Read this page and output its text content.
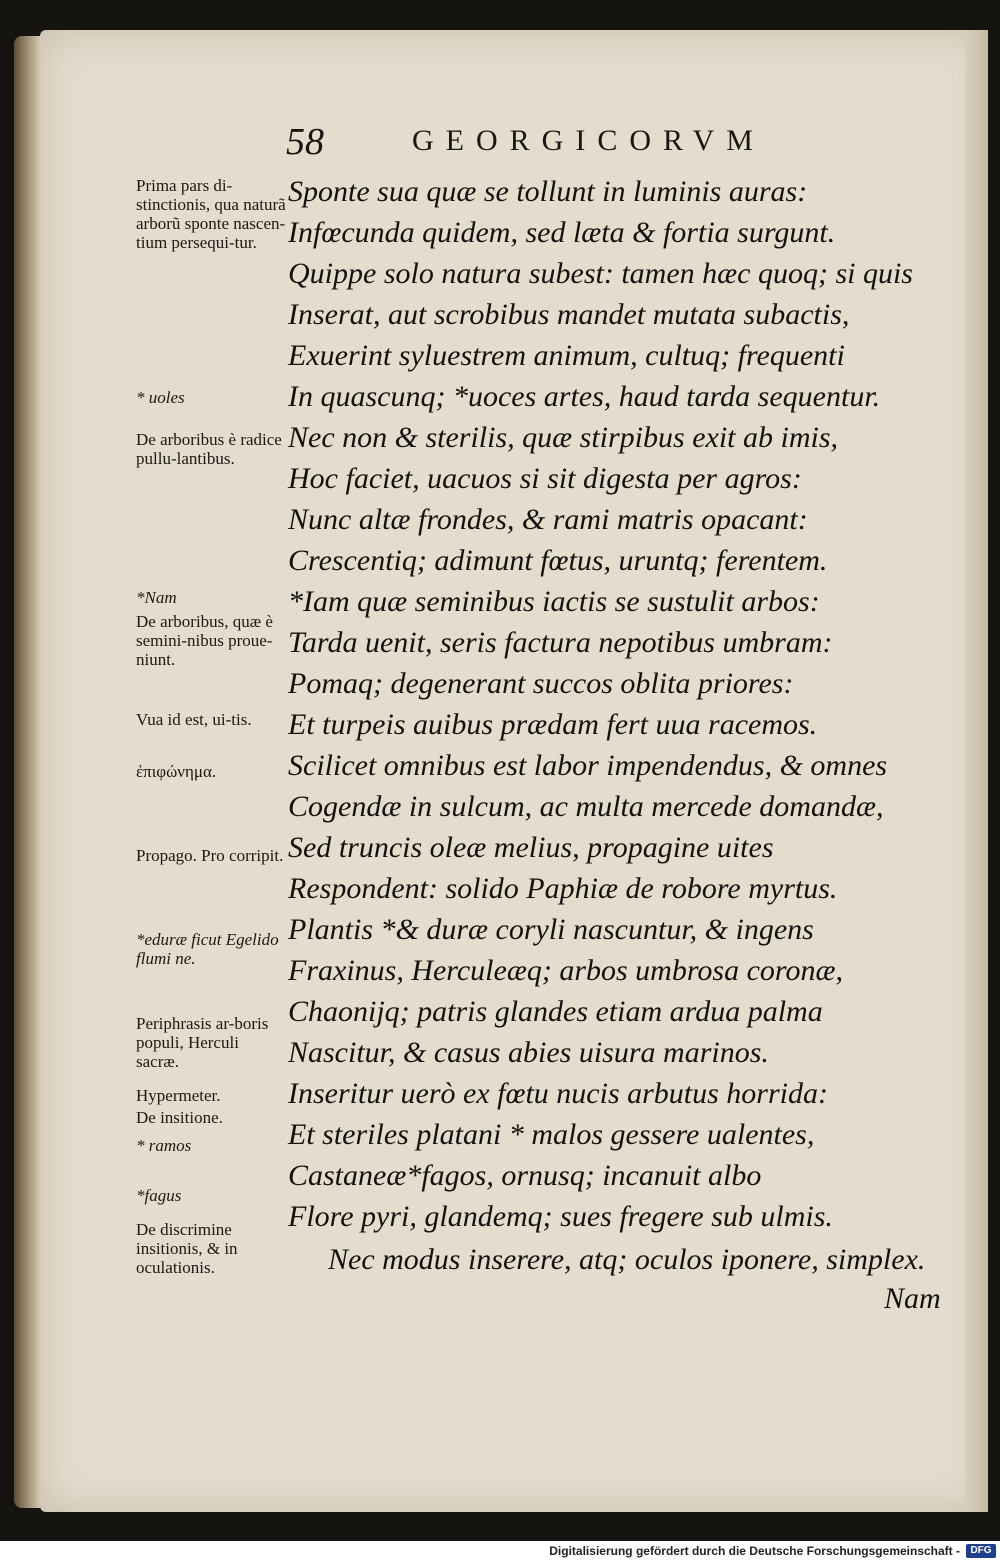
58	GEORGICORVM
Prima pars di-stinctionis, qua naturã arborũ sponte nascen-tium persequi-tur.
* uoles
De arboribus è radice pullu-lantibus.
*Nam
De arboribus, quæ è semini-nibus proue-niunt.
Vua id est, ui-tis.
ἐπιφώνημα.
Propago. Pro corripit.
*eduræ ficut Egelido flumi ne.
Periphrasis ar-boris populi, Herculi sacræ.
Hypermeter.
De insitione.
* ramos
*fagus
De discrimine insitionis, & in oculationis.
Sponte sua quæ se tollunt in luminis auras:
Infœcunda quidem, sed læta & fortia surgunt.
Quippe solo natura subest: tamen hæc quoq; si quis
Inserat, aut scrobibus mandet mutata subactis,
Exuerint syluestrem animum, cultuq; frequenti
In quascunq; *uoces artes, haud tarda sequentur.
Nec non & sterilis, quæ stirpibus exit ab imis,
Hoc faciet, uacuos si sit digesta per agros:
Nunc altæ frondes, & rami matris opacant:
Crescentiq; adimunt fœtus, uruntq; ferentem.
*Iam quæ seminibus iactis se sustulit arbos:
Tarda uenit, seris factura nepotibus umbram:
Pomaq; degenerant succos oblita priores:
Et turpeis auibus prædam fert uua racemos.
Scilicet omnibus est labor impendendus, & omnes
Cogendæ in sulcum, ac multa mercede domandæ,
Sed truncis oleæ melius, propagine uites
Respondent: solido Paphiæ de robore myrtus.
Plantis *& duræ coryli nascuntur, & ingens
Fraxinus, Herculeæq; arbos umbrosa coronæ,
Chaonijq; patris glandes etiam ardua palma
Nascitur, & casus abies uisura marinos.
Inseritur uerò ex fœtu nucis arbutus horrida:
Et steriles platani * malos gessere ualentes,
Castaneæ*fagos, ornusq; incanuit albo
Flore pyri, glandemq; sues fregere sub ulmis.
Nec modus inserere, atq; oculos iponere, simplex.
Nam
Digitalisierung gefördert durch die Deutsche Forschungsgemeinschaft -	DFG
